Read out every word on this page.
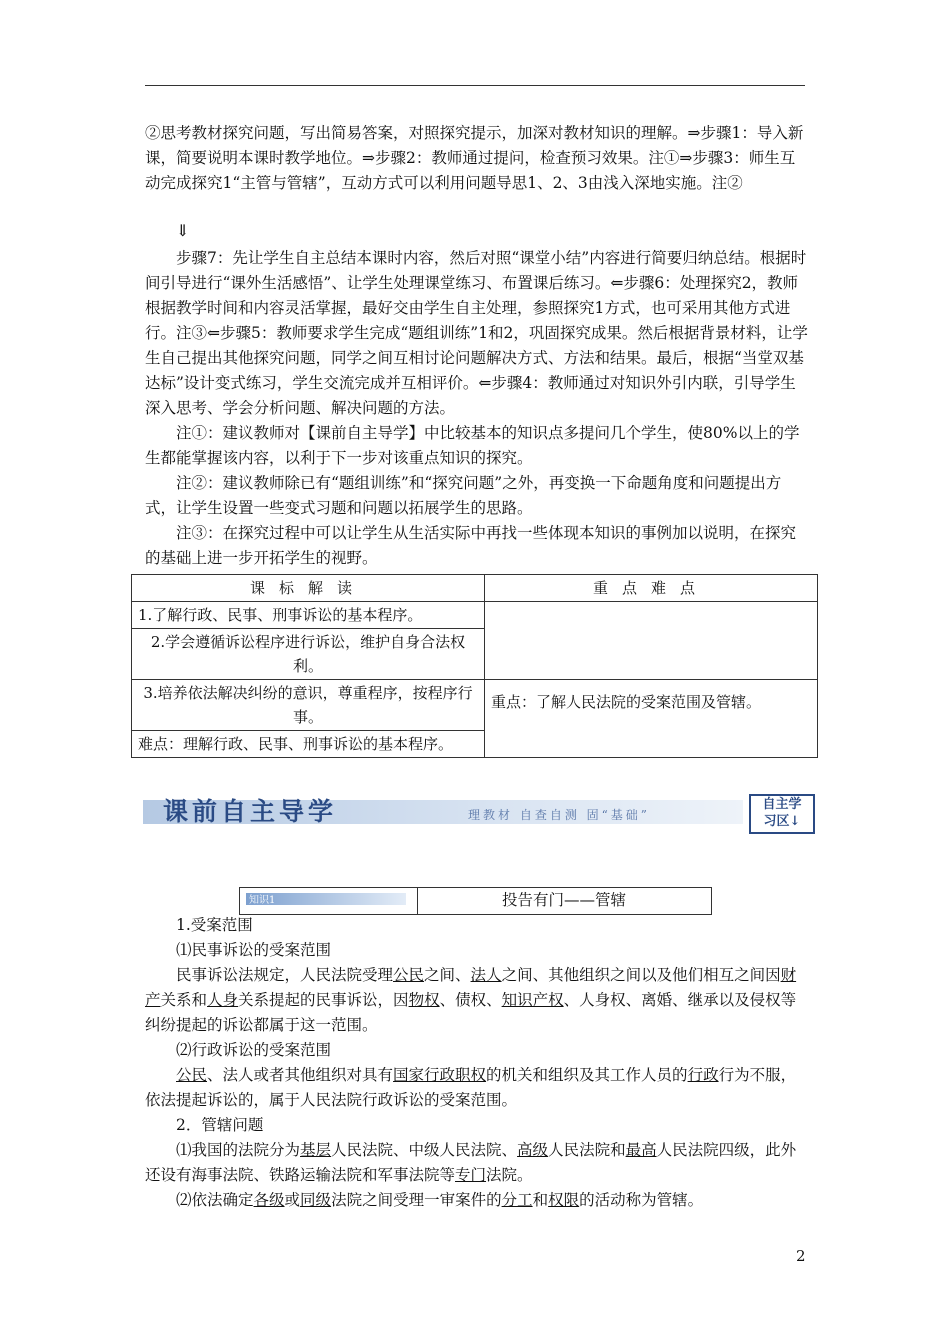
②思考教材探究问题，写出简易答案，对照探究提示，加深对教材知识的理解。⇒步骤1：导入新课，简要说明本课时教学地位。⇒步骤2：教师通过提问，检查预习效果。注①⇒步骤3：师生互动完成探究1“主管与管辖”，互动方式可以利用问题导思1、2、3由浅入深地实施。注②

⇓

步骤7：先让学生自主总结本课时内容，然后对照“课堂小结”内容进行简要归纳总结。根据时间引导进行“课外生活感悟”、让学生处理课堂练习、布置课后练习。⇐步骤6：处理探究2，教师根据教学时间和内容灵活掌握，最好交由学生自主处理，参照探究1方式，也可采用其他方式进行。注③⇐步骤5：教师要求学生完成“题组训练”1和2，巩固探究成果。然后根据背景材料，让学生自己提出其他探究问题，同学之间互相讨论问题解决方式、方法和结果。最后，根据“当堂双基达标”设计变式练习，学生交流完成并互相评价。⇐步骤4：教师通过对知识外引内联，引导学生深入思考、学会分析问题、解决问题的方法。

注①：建议教师对【课前自主导学】中比较基本的知识点多提问几个学生，使80%以上的学生都能掌握该内容，以利于下一步对该重点知识的探究。

注②：建议教师除已有“题组训练”和“探究问题”之外，再变换一下命题角度和问题提出方式，让学生设置一些变式习题和问题以拓展学生的思路。

注③：在探究过程中可以让学生从生活实际中再找一些体现本知识的事例加以说明，在探究的基础上进一步开拓学生的视野。

课标解读	重点难点
1.了解行政、民事、刑事诉讼的基本程序。	
2.学会遵循诉讼程序进行诉讼，维护自身合法权利。	
3.培养依法解决纠纷的意识，尊重程序，按程序行事。	重点：了解人民法院的受案范围及管辖。
难点：理解行政、民事、刑事诉讼的基本程序。	
课前自主导学	理教材 自查自测 固“基础”
自主学
习区↓
知识1	投告有门——管辖

1.受案范围

⑴民事诉讼的受案范围

民事诉讼法规定，人民法院受理公民之间、法人之间、其他组织之间以及他们相互之间因财产关系和人身关系提起的民事诉讼，因物权、债权、知识产权、人身权、离婚、继承以及侵权等纠纷提起的诉讼都属于这一范围。

⑵行政诉讼的受案范围

公民、法人或者其他组织对具有国家行政职权的机关和组织及其工作人员的行政行为不服，依法提起诉讼的，属于人民法院行政诉讼的受案范围。

2．管辖问题

⑴我国的法院分为基层人民法院、中级人民法院、高级人民法院和最高人民法院四级，此外还设有海事法院、铁路运输法院和军事法院等专门法院。

⑵依法确定各级或同级法院之间受理一审案件的分工和权限的活动称为管辖。

2
